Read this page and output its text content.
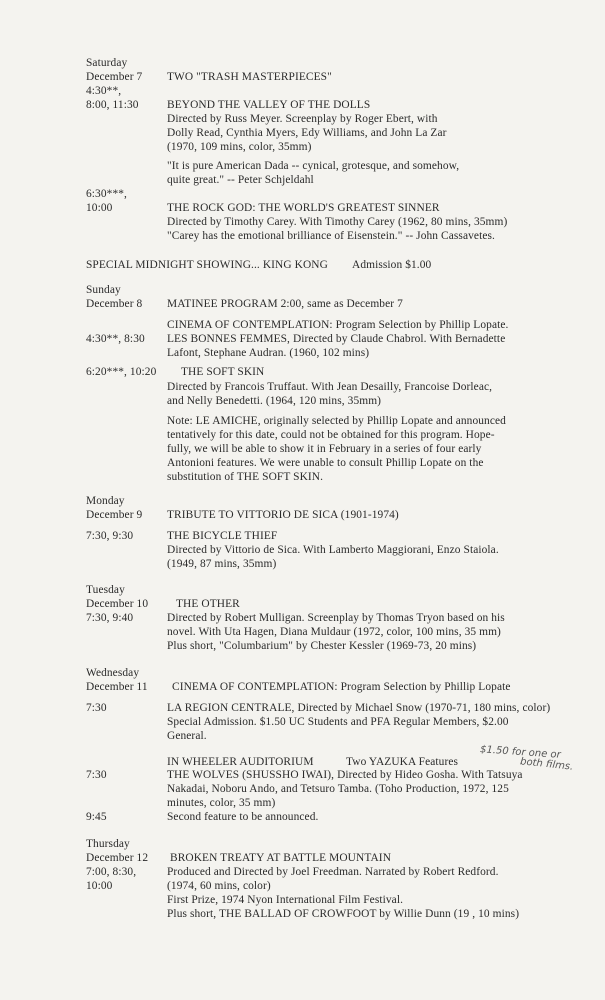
Saturday
December 7 TWO "TRASH MASTERPIECES"
4:30**,
8:00, 11:30 BEYOND THE VALLEY OF THE DOLLS
Directed by Russ Meyer. Screenplay by Roger Ebert, with
Dolly Read, Cynthia Myers, Edy Williams, and John La Zar
(1970, 109 mins, color, 35mm)
"It is pure American Dada -- cynical, grotesque, and somehow,
quite great." -- Peter Schjeldahl
6:30***,
10:00	THE ROCK GOD: THE WORLD'S GREATEST SINNER
Directed by Timothy Carey. With Timothy Carey (1962, 80 mins, 35mm)
"Carey has the emotional brilliance of Eisenstein." -- John Cassavetes.
SPECIAL MIDNIGHT SHOWING... KING KONG Admission $1.00
Sunday
December 8 MATINEE PROGRAM 2:00, same as December 7
CINEMA OF CONTEMPLATION: Program Selection by Phillip Lopate.
4:30**, 8:30 LES BONNES FEMMES, Directed by Claude Chabrol. With Bernadette
Lafont, Stephane Audran. (1960, 102 mins)
6:20***, 10:20 THE SOFT SKIN
Directed by Francois Truffaut. With Jean Desailly, Francoise Dorleac,
and Nelly Benedetti. (1964, 120 mins, 35mm)
Note: LE AMICHE, originally selected by Phillip Lopate and announced
tentatively for this date, could not be obtained for this program. Hope-
fully, we will be able to show it in February in a series of four early
Antonioni features. We were unable to consult Phillip Lopate on the
substitution of THE SOFT SKIN.
Monday
December 9 TRIBUTE TO VITTORIO DE SICA (1901-1974)
7:30, 9:30	THE BICYCLE THIEF
Directed by Vittorio de Sica. With Lamberto Maggiorani, Enzo Staiola.
(1949, 87 mins, 35mm)
Tuesday
December 10 THE OTHER
7:30, 9:40	Directed by Robert Mulligan. Screenplay by Thomas Tryon based on his
novel. With Uta Hagen, Diana Muldaur (1972, color, 100 mins, 35 mm)
Plus short, "Columbarium" by Chester Kessler (1969-73, 20 mins)
Wednesday
December 11 CINEMA OF CONTEMPLATION: Program Selection by Phillip Lopate
7:30	LA REGION CENTRALE, Directed by Michael Snow (1970-71, 180 mins, color)
Special Admission. $1.50 UC Students and PFA Regular Members, $2.00
General.
IN WHEELER AUDITORIUM	Two YAZUKA Features
$1.50 for one or
both films.
7:30	THE WOLVES (SHUSSHO IWAI), Directed by Hideo Gosha. With Tatsuya
Nakadai, Noboru Ando, and Tetsuro Tamba. (Toho Production, 1972, 125
minutes, color, 35 mm)
9:45	Second feature to be announced.
Thursday
December 12 BROKEN TREATY AT BATTLE MOUNTAIN
7:00, 8:30,	Produced and Directed by Joel Freedman. Narrated by Robert Redford.
10:00	(1974, 60 mins, color)
First Prize, 1974 Nyon International Film Festival.
Plus short, THE BALLAD OF CROWFOOT by Willie Dunn (19 , 10 mins)
